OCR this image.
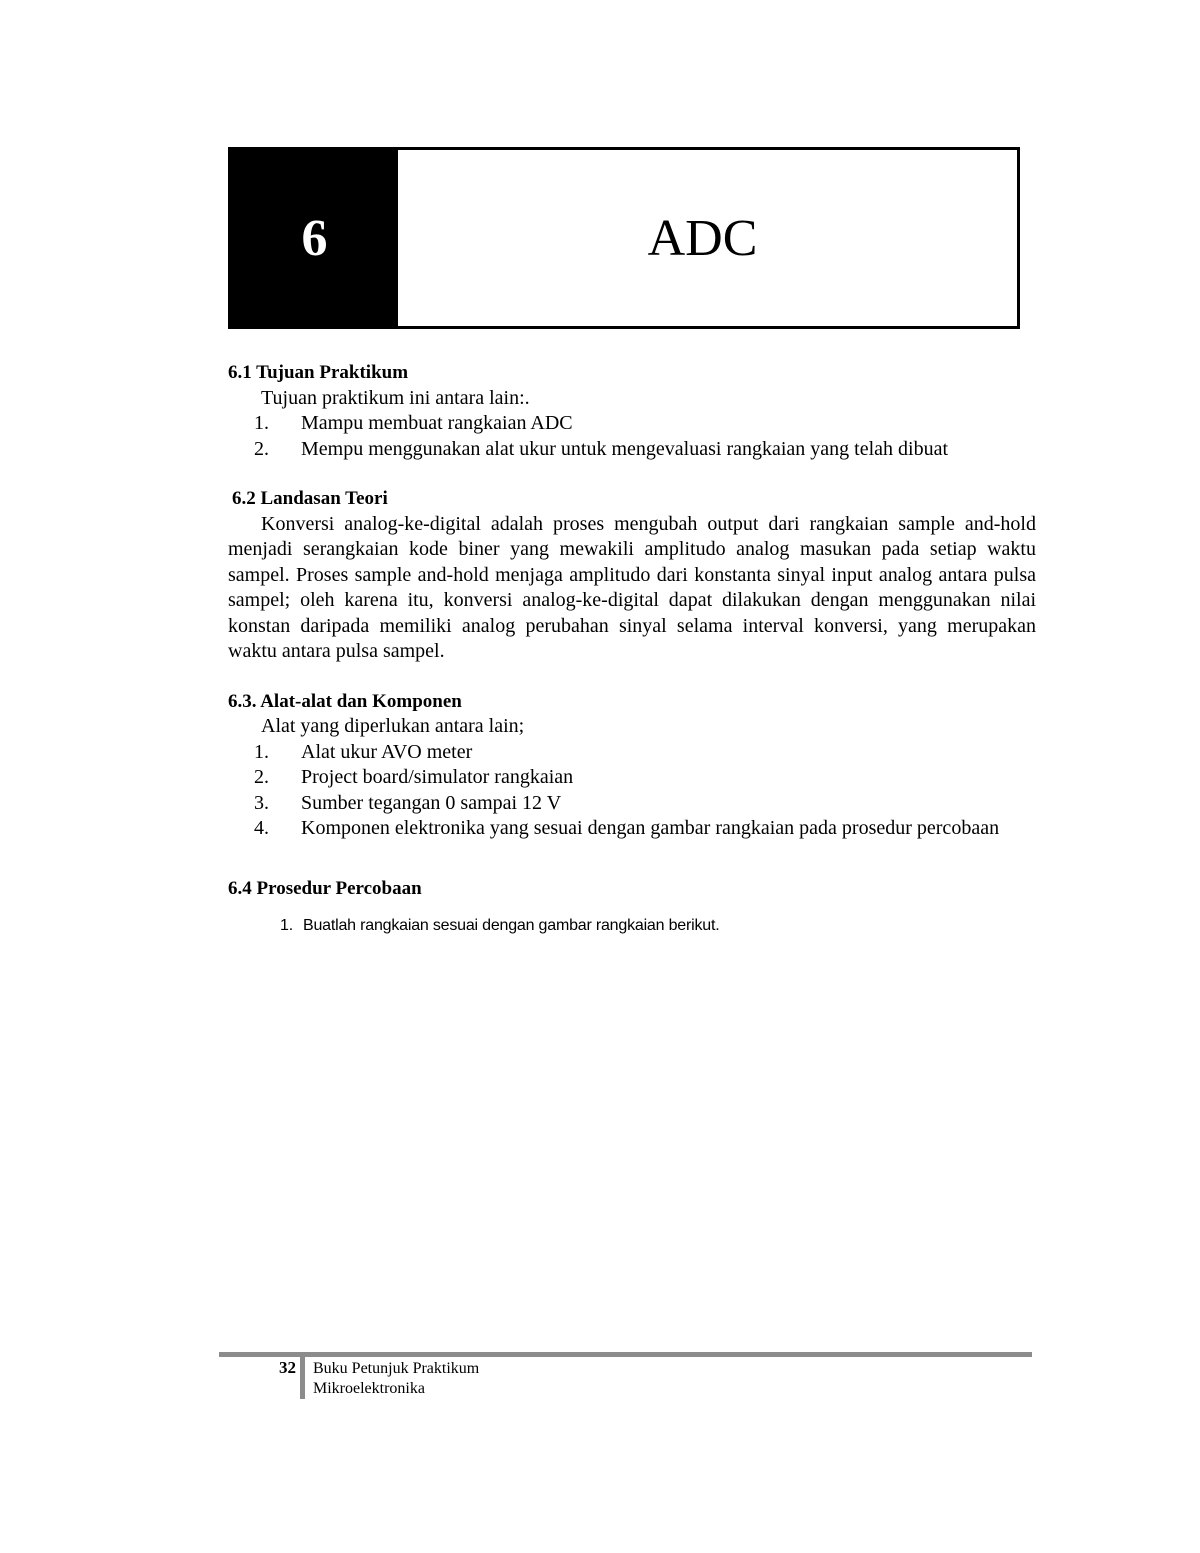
6	ADC

6.1 Tujuan Praktikum

Tujuan praktikum ini antara lain:.

1.	Mampu membuat rangkaian ADC
2.	Mempu menggunakan alat ukur untuk mengevaluasi rangkaian yang telah dibuat

6.2 Landasan Teori

Konversi analog-ke-digital adalah proses mengubah output dari rangkaian sample and-hold menjadi serangkaian kode biner yang mewakili amplitudo analog masukan pada setiap waktu sampel. Proses sample and-hold menjaga amplitudo dari konstanta sinyal input analog antara pulsa sampel; oleh karena itu, konversi analog-ke-digital dapat dilakukan dengan menggunakan nilai konstan daripada memiliki analog perubahan sinyal selama interval konversi, yang merupakan waktu antara pulsa sampel.

6.3. Alat-alat dan Komponen

Alat yang diperlukan antara lain;

1.	Alat ukur AVO meter
2.	Project board/simulator rangkaian
3.	Sumber tegangan 0 sampai 12 V
4.	Komponen elektronika yang sesuai dengan gambar rangkaian pada prosedur percobaan

6.4 Prosedur Percobaan

1. Buatlah rangkaian sesuai dengan gambar rangkaian berikut.
32 Buku Petunjuk Praktikum
Mikroelektronika
